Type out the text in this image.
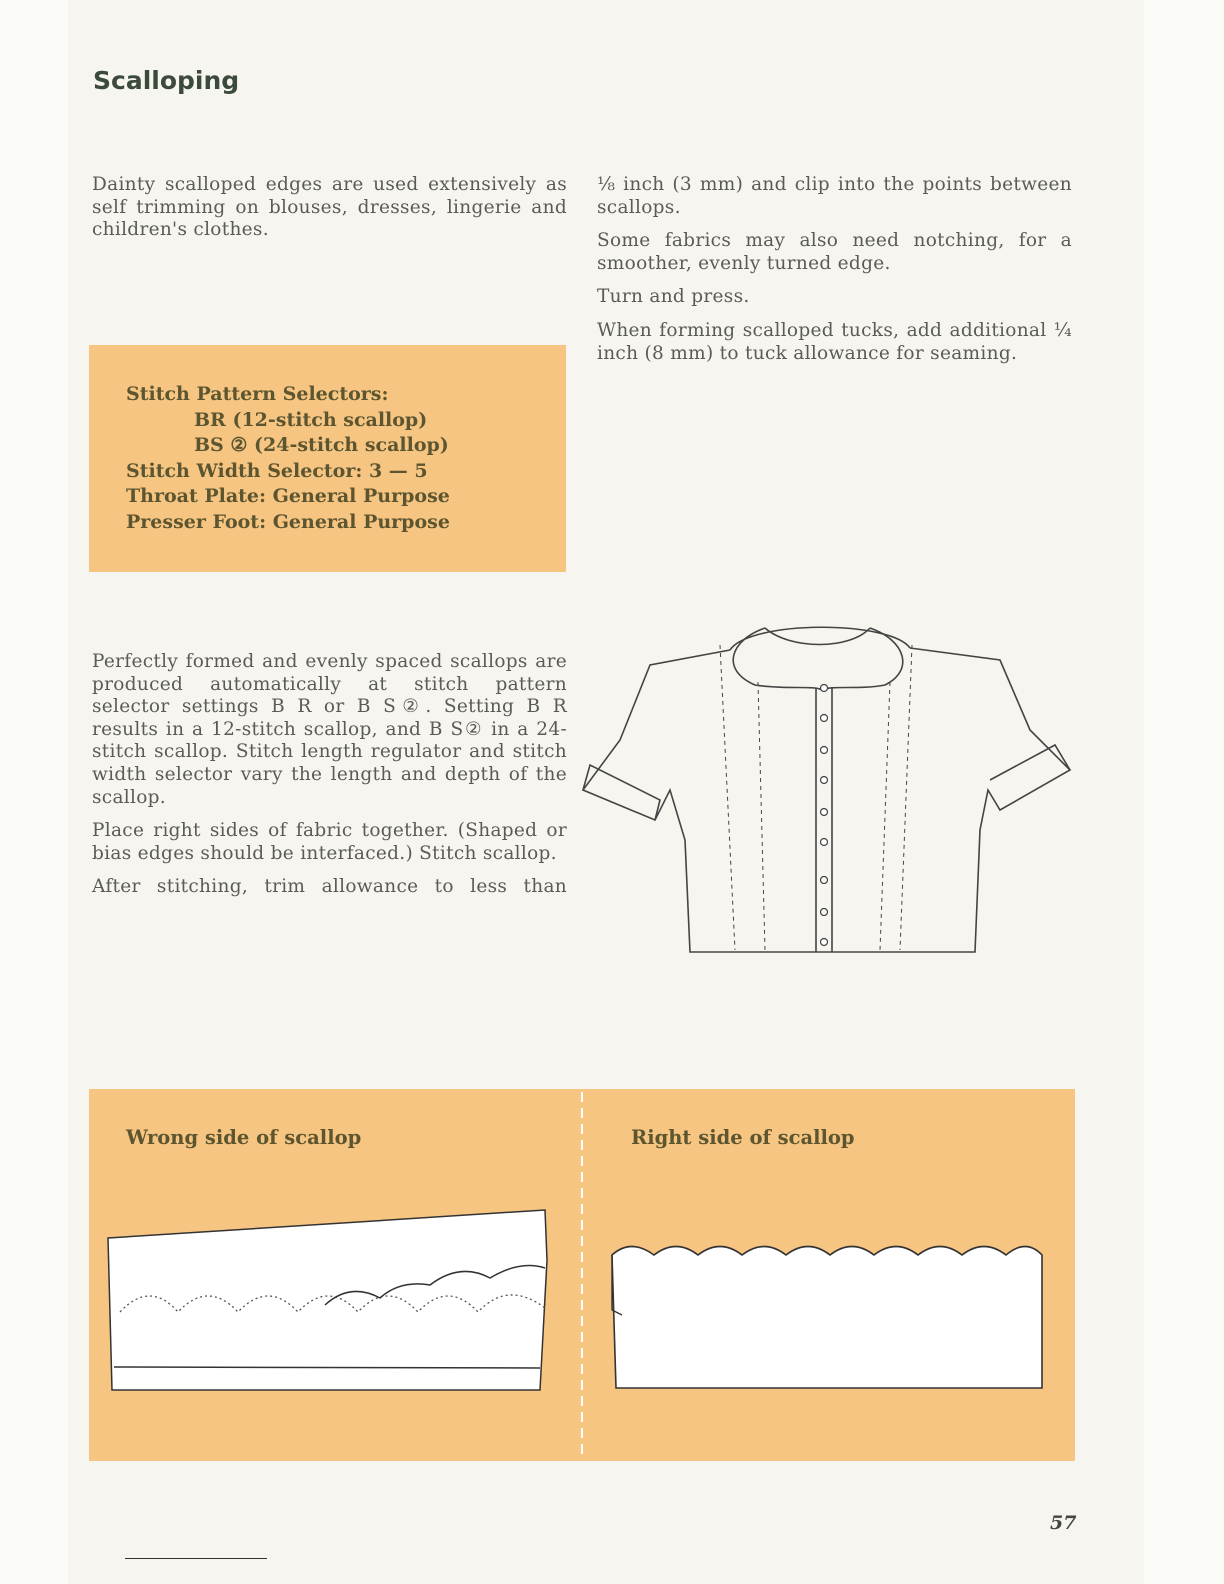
Scalloping

Dainty scalloped edges are used extensively as self trimming on blouses, dresses, lingerie and children's clothes.

Stitch Pattern Selectors:
BR (12-stitch scallop)
BS ② (24-stitch scallop)
Stitch Width Selector: 3 — 5
Throat Plate: General Purpose
Presser Foot: General Purpose

⅛ inch (3 mm) and clip into the points between scallops.

Some fabrics may also need notching, for a smoother, evenly turned edge.

Turn and press.

When forming scalloped tucks, add additional ¼ inch (8 mm) to tuck allowance for seaming.

Perfectly formed and evenly spaced scallops are produced automatically at stitch pattern selector settings B R or B S②. Setting B R results in a 12-stitch scallop, and B S② in a 24-stitch scallop. Stitch length regulator and stitch width selector vary the length and depth of the scallop.

Place right sides of fabric together. (Shaped or bias edges should be interfaced.) Stitch scallop.

After stitching, trim allowance to less than

Wrong side of scallop	Right side of scallop
57
